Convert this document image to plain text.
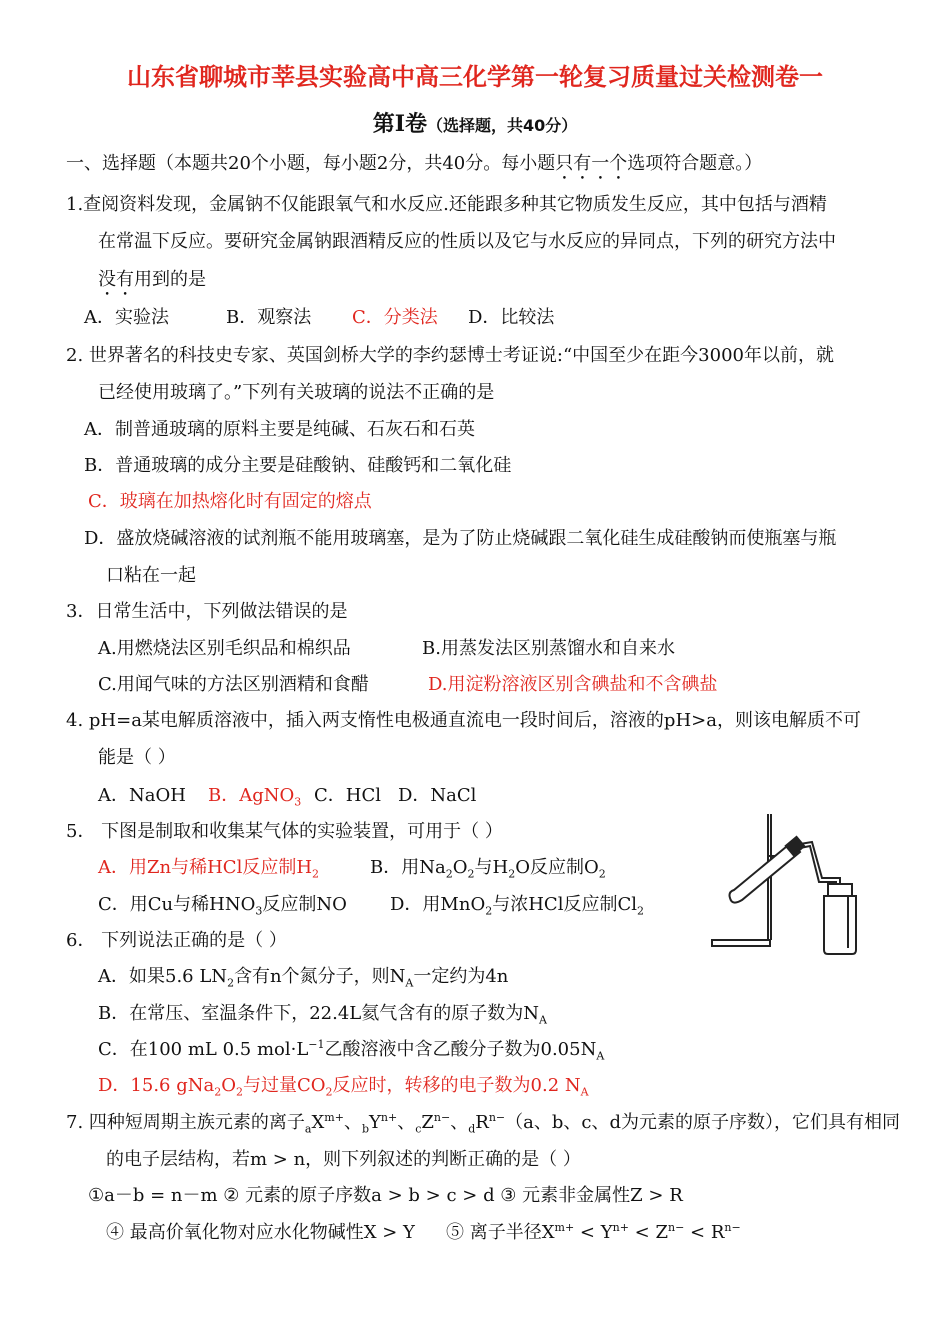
山东省聊城市莘县实验高中高三化学第一轮复习质量过关检测卷一
第Ⅰ卷（选择题，共40分）
一、选择题（本题共20个小题，每小题2分，共40分。每小题只有一个选项符合题意。）
1.查阅资料发现，金属钠不仅能跟氧气和水反应.还能跟多种其它物质发生反应，其中包括与酒精
在常温下反应。要研究金属钠跟酒精反应的性质以及它与水反应的异同点，下列的研究方法中
没有用到的是
A．实验法	B．观察法 C．分类法 D．比较法
2. 世界著名的科技史专家、英国剑桥大学的李约瑟博士考证说:“中国至少在距今3000年以前，就
已经使用玻璃了。”下列有关玻璃的说法不正确的是
A．制普通玻璃的原料主要是纯碱、石灰石和石英
B．普通玻璃的成分主要是硅酸钠、硅酸钙和二氧化硅
C．玻璃在加热熔化时有固定的熔点
D．盛放烧碱溶液的试剂瓶不能用玻璃塞，是为了防止烧碱跟二氧化硅生成硅酸钠而使瓶塞与瓶
口粘在一起
3．日常生活中，下列做法错误的是
A.用燃烧法区别毛织品和棉织品	B.用蒸发法区别蒸馏水和自来水
C.用闻气味的方法区别酒精和食醋	D.用淀粉溶液区别含碘盐和不含碘盐
4. pH=a某电解质溶液中，插入两支惰性电极通直流电一段时间后，溶液的pH>a，则该电解质不可
能是（ ）
A．NaOH B．AgNO$_3$ C．HCl D．NaCl
5． 下图是制取和收集某气体的实验装置，可用于（ ）
A．用Zn与稀HCl反应制$H_2$	B．用$Na_2O_2$与$H_2O$反应制$O_2$
C．用Cu与稀$HNO_3$反应制NO D．用MnO$_2$与浓HCl反应制$Cl_2$
6． 下列说法正确的是（ ）
A．如果5.6 $LN_2$含有n个氮分子，则$N_A$一定约为4n
B．在常压、室温条件下，22.4L氦气含有的原子数为$N_A$
C．在100 mL 0.5 $mol\cdot L^{-1}$乙酸溶液中含乙酸分子数为$0.05N_A$
D．15.6 $gNa_2O_2$与过量$CO_2$反应时，转移的电子数为0.2 $N_A$
7. 四种短周期主族元素的离子$_aX^{m+}$、$_bY^{n+}$、$_cZ^{n-}$、$_dR^{n-}(a$、b、c、d为元素的原子序数），它们具有相同
的电子层结构，若m > n，则下列叙述的判断正确的是（ ）
①a－b = n－m ② 元素的原子序数a > b > c > d ③ 元素非金属性Z > R
④ 最高价氧化物对应水化物碱性X > Y ⑤ 离子半径$X^{m+} < Y^{n+} < Z^{n-} < R^{n-}$
